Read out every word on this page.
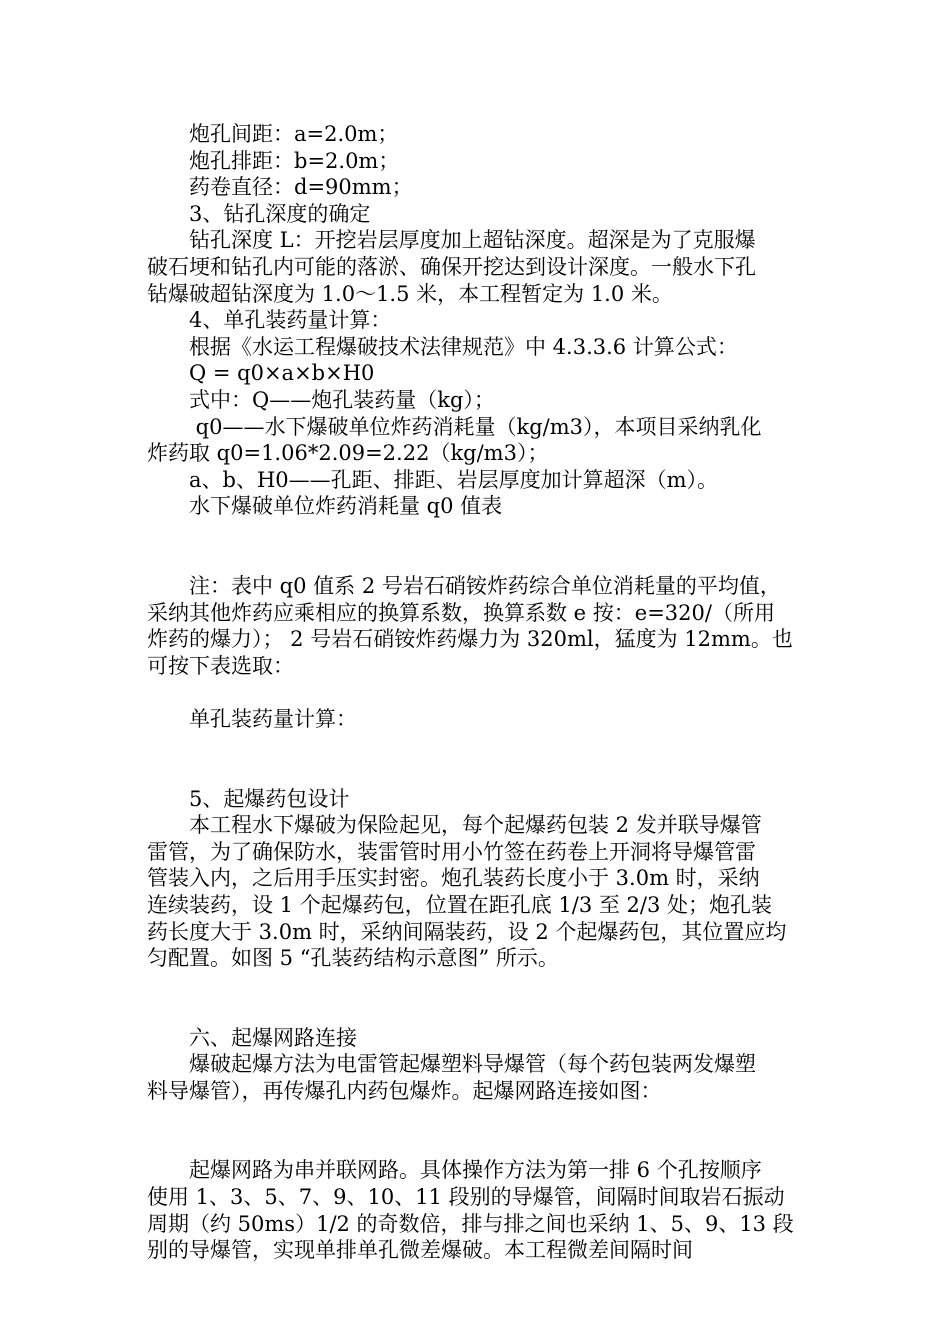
炮孔间距：a=2.0m；
炮孔排距：b=2.0m；
药卷直径：d=90mm；
3、钻孔深度的确定
钻孔深度 L：开挖岩层厚度加上超钻深度。超深是为了克服爆
破石埂和钻孔内可能的落淤、确保开挖达到设计深度。一般水下孔
钻爆破超钻深度为 1.0～1.5 米，本工程暂定为 1.0 米。
4、单孔装药量计算：
根据《水运工程爆破技术法律规范》中 4.3.3.6 计算公式：
Q = q0×a×b×H0
式中：Q——炮孔装药量（kg）；
q0——水下爆破单位炸药消耗量（kg/m3），本项目采纳乳化
炸药取 q0=1.06*2.09=2.22（kg/m3）；
a、b、H0——孔距、排距、岩层厚度加计算超深（m）。
水下爆破单位炸药消耗量 q0 值表
注：表中 q0 值系 2 号岩石硝铵炸药综合单位消耗量的平均值，
采纳其他炸药应乘相应的换算系数，换算系数 e 按：e=320/（所用
炸药的爆力）； 2 号岩石硝铵炸药爆力为 320ml，猛度为 12mm。也
可按下表选取：
单孔装药量计算：
5、起爆药包设计
本工程水下爆破为保险起见，每个起爆药包装 2 发并联导爆管
雷管，为了确保防水，装雷管时用小竹签在药卷上开洞将导爆管雷
管装入内，之后用手压实封密。炮孔装药长度小于 3.0m 时，采纳
连续装药，设 1 个起爆药包，位置在距孔底 1/3 至 2/3 处；炮孔装
药长度大于 3.0m 时，采纳间隔装药，设 2 个起爆药包，其位置应均
匀配置。如图 5 “孔装药结构示意图” 所示。
六、起爆网路连接
爆破起爆方法为电雷管起爆塑料导爆管（每个药包装两发爆塑
料导爆管），再传爆孔内药包爆炸。起爆网路连接如图：
起爆网路为串并联网路。具体操作方法为第一排 6 个孔按顺序
使用 1、3、5、7、9、10、11 段别的导爆管，间隔时间取岩石振动
周期（约 50ms）1/2 的奇数倍，排与排之间也采纳 1、5、9、13 段
别的导爆管，实现单排单孔微差爆破。本工程微差间隔时间
